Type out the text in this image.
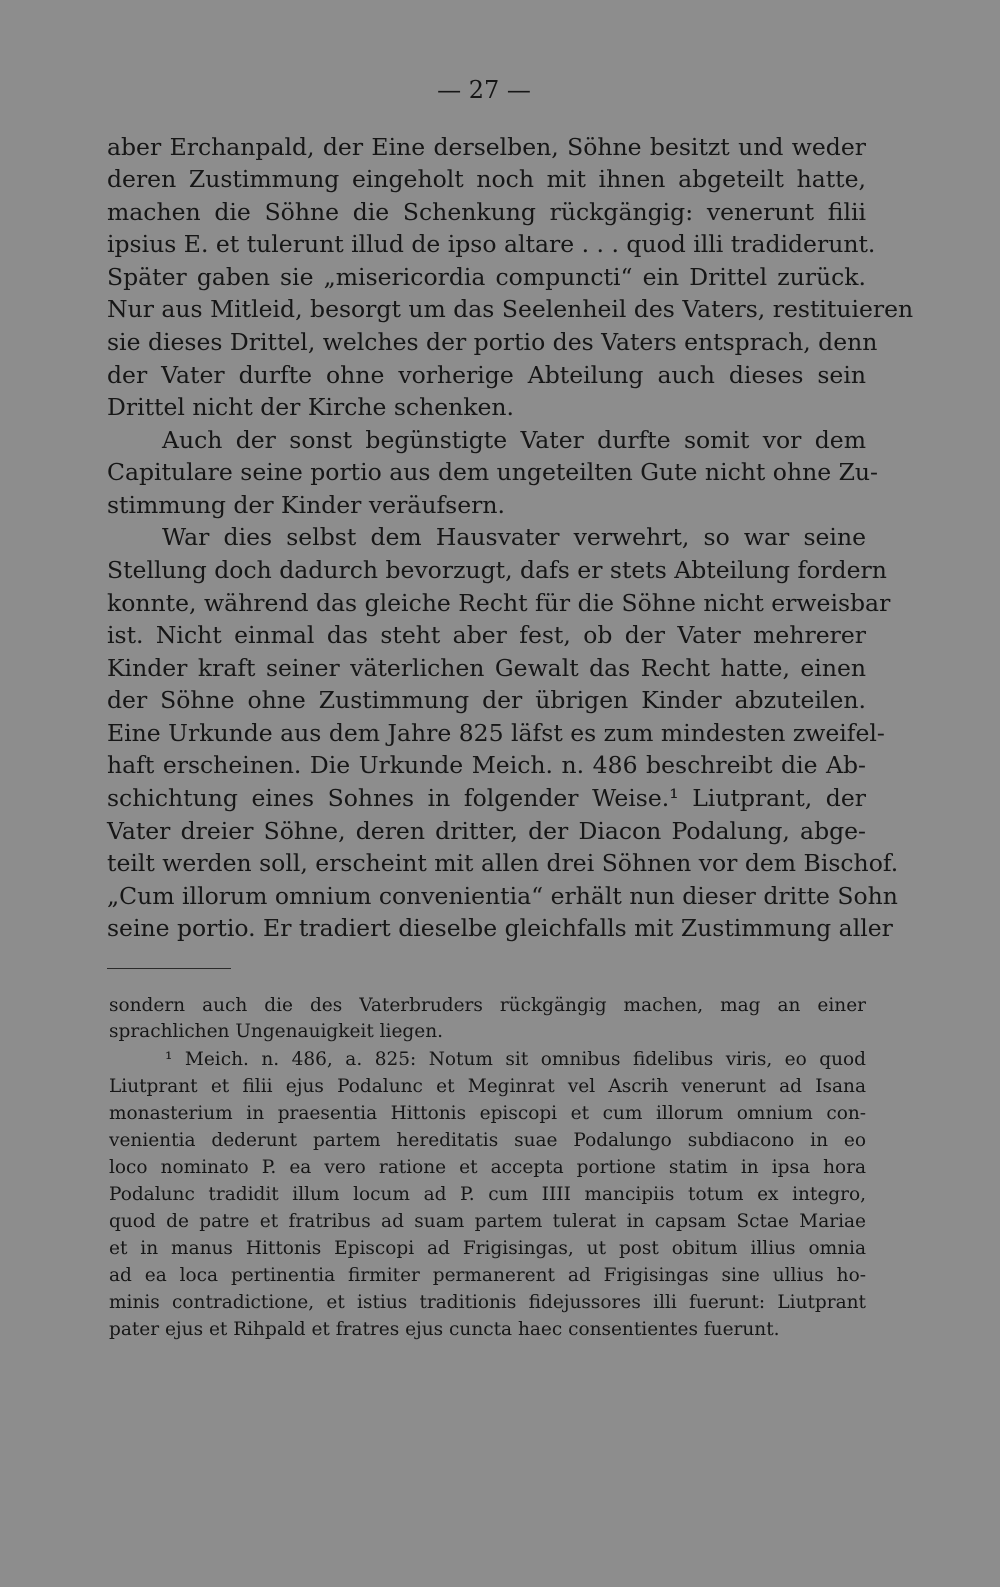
— 27 —
aber Erchanpald, der Eine derselben, Söhne besitzt und weder
deren Zustimmung eingeholt noch mit ihnen abgeteilt hatte,
machen die Söhne die Schenkung rückgängig: venerunt filii
ipsius E. et tulerunt illud de ipso altare . . . quod illi tradiderunt.
Später gaben sie „misericordia compuncti“ ein Drittel zurück.
Nur aus Mitleid, besorgt um das Seelenheil des Vaters, restituieren
sie dieses Drittel, welches der portio des Vaters entsprach, denn
der Vater durfte ohne vorherige Abteilung auch dieses sein
Drittel nicht der Kirche schenken.
Auch der sonst begünstigte Vater durfte somit vor dem
Capitulare seine portio aus dem ungeteilten Gute nicht ohne Zu-
stimmung der Kinder veräufsern.
War dies selbst dem Hausvater verwehrt, so war seine
Stellung doch dadurch bevorzugt, dafs er stets Abteilung fordern
konnte, während das gleiche Recht für die Söhne nicht erweisbar
ist. Nicht einmal das steht aber fest, ob der Vater mehrerer
Kinder kraft seiner väterlichen Gewalt das Recht hatte, einen
der Söhne ohne Zustimmung der übrigen Kinder abzuteilen.
Eine Urkunde aus dem Jahre 825 läfst es zum mindesten zweifel-
haft erscheinen. Die Urkunde Meich. n. 486 beschreibt die Ab-
schichtung eines Sohnes in folgender Weise.¹ Liutprant, der
Vater dreier Söhne, deren dritter, der Diacon Podalung, abge-
teilt werden soll, erscheint mit allen drei Söhnen vor dem Bischof.
„Cum illorum omnium convenientia“ erhält nun dieser dritte Sohn
seine portio. Er tradiert dieselbe gleichfalls mit Zustimmung aller
sondern auch die des Vaterbruders rückgängig machen, mag an einer
sprachlichen Ungenauigkeit liegen.
¹ Meich. n. 486, a. 825: Notum sit omnibus fidelibus viris, eo quod
Liutprant et filii ejus Podalunc et Meginrat vel Ascrih venerunt ad Isana
monasterium in praesentia Hittonis episcopi et cum illorum omnium con-
venientia dederunt partem hereditatis suae Podalungo subdiacono in eo
loco nominato P. ea vero ratione et accepta portione statim in ipsa hora
Podalunc tradidit illum locum ad P. cum IIII mancipiis totum ex integro,
quod de patre et fratribus ad suam partem tulerat in capsam Sctae Mariae
et in manus Hittonis Episcopi ad Frigisingas, ut post obitum illius omnia
ad ea loca pertinentia firmiter permanerent ad Frigisingas sine ullius ho-
minis contradictione, et istius traditionis fidejussores illi fuerunt: Liutprant
pater ejus et Rihpald et fratres ejus cuncta haec consentientes fuerunt.
